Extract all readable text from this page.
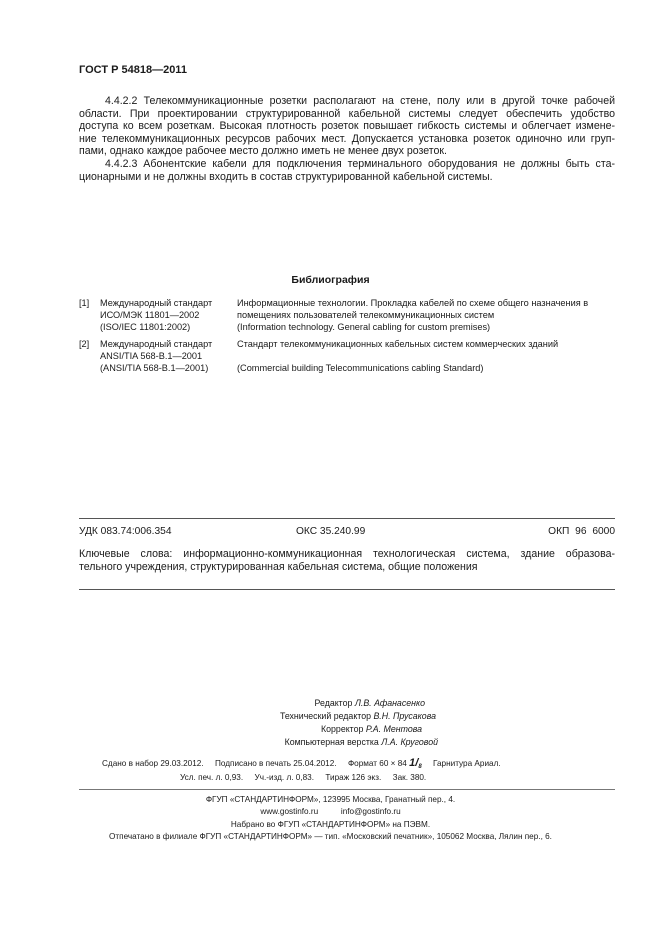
ГОСТ Р 54818—2011
4.4.2.2 Телекоммуникационные розетки располагают на стене, полу или в другой точке рабочей
области. При проектировании структурированной кабельной системы следует обеспечить удобство
доступа ко всем розеткам. Высокая плотность розеток повышает гибкость системы и облегчает измене-
ние телекоммуникационных ресурсов рабочих мест. Допускается установка розеток одиночно или груп-
пами, однако каждое рабочее место должно иметь не менее двух розеток.
4.4.2.3 Абонентские кабели для подключения терминального оборудования не должны быть ста-
ционарными и не должны входить в состав структурированной кабельной системы.
Библиография
[1] Международный стандарт
ИСО/МЭК 11801—2002
(ISO/IEC 11801:2002)
Информационные технологии. Прокладка кабелей по схеме общего назначения в
помещениях пользователей телекоммуникационных систем
(Information technology. General cabling for custom premises)
[2] Международный стандарт
ANSI/TIA 568-B.1—2001
(ANSI/TIA 568-B.1—2001)
Стандарт телекоммуникационных кабельных систем коммерческих зданий
(Commercial building Telecommunications cabling Standard)
УДК 083.74:006.354	ОКС 35.240.99	ОКП 96 6000
Ключевые слова: информационно-коммуникационная технологическая система, здание образова-
тельного учреждения, структурированная кабельная система, общие положения
Редактор Л.В. Афанасенко
Технический редактор В.Н. Прусакова
Корректор Р.А. Ментова
Компьютерная верстка Л.А. Круговой
Сдано в набор 29.03.2012. Подписано в печать 25.04.2012. Формат 60 × 84 $1/_8$ Гарнитура Ариал.
Усл. печ. л. 0,93. Уч.-изд. л. 0,83. Тираж 126 экз. Зак. 380.
ФГУП «СТАНДАРТИНФОРМ», 123995 Москва, Гранатный пер., 4.
www.gostinfo.ru          info@gostinfo.ru
Набрано во ФГУП «СТАНДАРТИНФОРМ» на ПЭВМ.
Отпечатано в филиале ФГУП «СТАНДАРТИНФОРМ» — тип. «Московский печатник», 105062 Москва, Лялин пер., 6.
